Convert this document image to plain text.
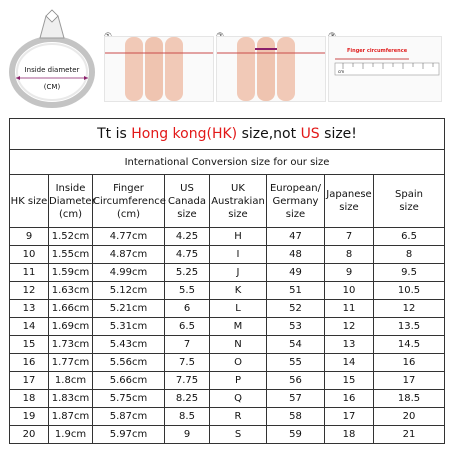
Inside diameter
(CM)
Finger circumference
cm
Tt is Hong kong(HK) size,not US size!							
International Conversion size for our size							
HK size	Inside
Diameter
(cm)	Finger
Circumference
(cm)	US
Canada
size	UK
Austrakian
size	European/
Germany
size	Japanese
size	Spain
size
9	1.52cm	4.77cm	4.25	H	47	7	6.5
10	1.55cm	4.87cm	4.75	I	48	8	8
11	1.59cm	4.99cm	5.25	J	49	9	9.5
12	1.63cm	5.12cm	5.5	K	51	10	10.5
13	1.66cm	5.21cm	6	L	52	11	12
14	1.69cm	5.31cm	6.5	M	53	12	13.5
15	1.73cm	5.43cm	7	N	54	13	14.5
16	1.77cm	5.56cm	7.5	O	55	14	16
17	1.8cm	5.66cm	7.75	P	56	15	17
18	1.83cm	5.75cm	8.25	Q	57	16	18.5
19	1.87cm	5.87cm	8.5	R	58	17	20
20	1.9cm	5.97cm	9	S	59	18	21
